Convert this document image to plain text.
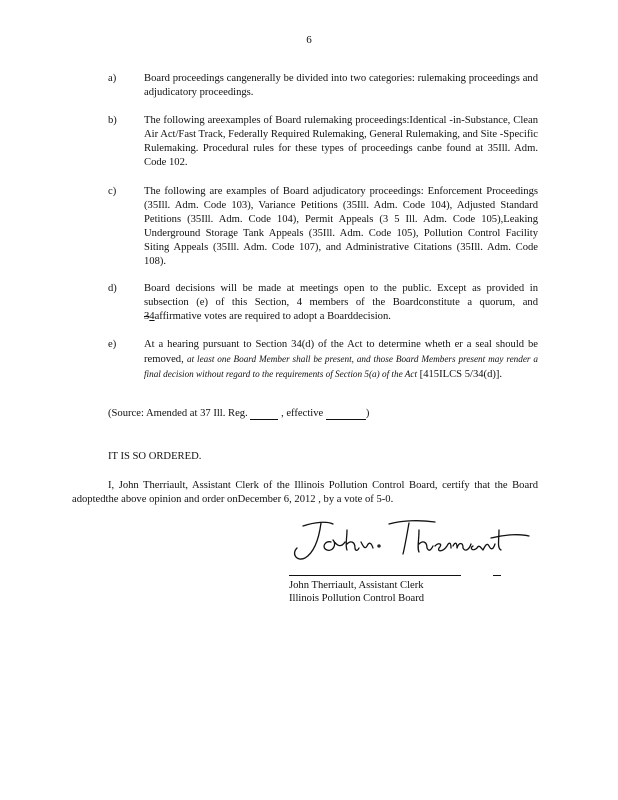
6
a)	Board proceedings cangenerally be divided into two categories: rulemaking proceedings and adjudicatory proceedings.
b)	The following areexamples of Board rulemaking proceedings:Identical -in-Substance, Clean Air Act/Fast Track, Federally Required Rulemaking, General Rulemaking, and Site -Specific Rulemaking. Procedural rules for these types of proceedings canbe found at 35Ill. Adm. Code 102.
c)	The following are examples of Board adjudicatory proceedings: Enforcement Proceedings (35Ill. Adm. Code 103), Variance Petitions (35Ill. Adm. Code 104), Adjusted Standard Petitions (35Ill. Adm. Code 104), Permit Appeals (3 5 Ill. Adm. Code 105),Leaking Underground Storage Tank Appeals (35Ill. Adm. Code 105), Pollution Control Facility Siting Appeals (35Ill. Adm. Code 107), and Administrative Citations (35Ill. Adm. Code 108).
d)	Board decisions will be made at meetings open to the public. Except as provided in subsection (e) of this Section, 4 members of the Boardconstitute a quorum, and 34affirmative votes are required to adopt a Boarddecision.
e)	At a hearing pursuant to Section 34(d) of the Act to determine wheth er a seal should be removed, at least one Board Member shall be present, and those Board Members present may render a final decision without regard to the requirements of Section 5(a) of the Act [415ILCS 5/34(d)].
(Source: Amended at 37 Ill. Reg.	, effective	)
IT IS SO ORDERED.
I, John Therriault, Assistant Clerk of the Illinois Pollution Control Board, certify that the Board adoptedthe above opinion and order onDecember 6, 2012 , by a vote of 5-0.
John Therriault, Assistant Clerk
Illinois Pollution Control Board
